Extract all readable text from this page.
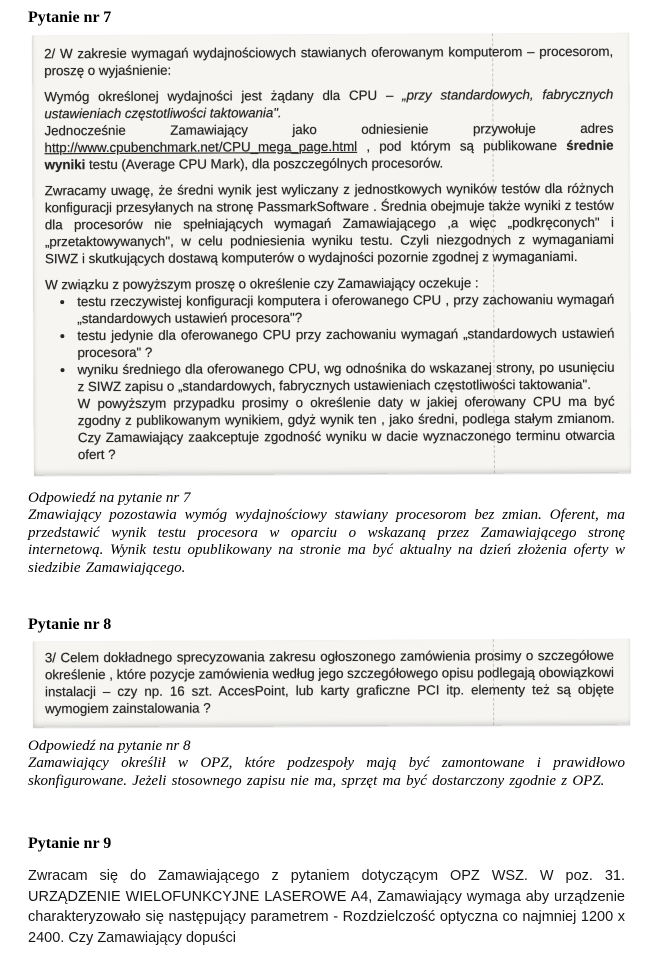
Pytanie nr 7

2/ W zakresie wymagań wydajnościowych stawianych oferowanym komputerom – procesorom, proszę o wyjaśnienie:

Wymóg określonej wydajności jest żądany dla CPU – „przy standardowych, fabrycznych ustawieniach częstotliwości taktowania".

Jednocześnie Zamawiający jako odniesienie przywołuje adres http://www.cpubenchmark.net/CPU_mega_page.html , pod którym są publikowane średnie wyniki testu (Average CPU Mark), dla poszczególnych procesorów.

Zwracamy uwagę, że średni wynik jest wyliczany z jednostkowych wyników testów dla różnych konfiguracji przesyłanych na stronę PassmarkSoftware . Średnia obejmuje także wyniki z testów dla procesorów nie spełniających wymagań Zamawiającego ,a więc „podkręconych" i „przetaktowywanych", w celu podniesienia wyniku testu. Czyli niezgodnych z wymaganiami SIWZ i skutkujących dostawą komputerów o wydajności pozornie zgodnej z wymaganiami.

W związku z powyższym proszę o określenie czy Zamawiający oczekuje :

• testu rzeczywistej konfiguracji komputera i oferowanego CPU , przy zachowaniu wymagań „standardowych ustawień procesora"?
• testu jedynie dla oferowanego CPU przy zachowaniu wymagań „standardowych ustawień procesora" ?
• wyniku średniego dla oferowanego CPU, wg odnośnika do wskazanej strony, po usunięciu z SIWZ zapisu o „standardowych, fabrycznych ustawieniach częstotliwości taktowania".
W powyższym przypadku prosimy o określenie daty w jakiej oferowany CPU ma być zgodny z publikowanym wynikiem, gdyż wynik ten , jako średni, podlega stałym zmianom. Czy Zamawiający zaakceptuje zgodność wyniku w dacie wyznaczonego terminu otwarcia ofert ?
Odpowiedź na pytanie nr 7

Zmawiający pozostawia wymóg wydajnościowy stawiany procesorom bez zmian. Oferent, ma przedstawić wynik testu procesora w oparciu o wskazaną przez Zamawiającego stronę internetową. Wynik testu opublikowany na stronie ma być aktualny na dzień złożenia oferty w siedzibie Zamawiającego.

Pytanie nr 8

3/ Celem dokładnego sprecyzowania zakresu ogłoszonego zamówienia prosimy o szczegółowe określenie , które pozycje zamówienia według jego szczegółowego opisu podlegają obowiązkowi instalacji – czy np. 16 szt. AccesPoint, lub karty graficzne PCI itp. elementy też są objęte wymogiem zainstalowania ?

Odpowiedź na pytanie nr 8

Zamawiający określił w OPZ, które podzespoły mają być zamontowane i prawidłowo skonfigurowane. Jeżeli stosownego zapisu nie ma, sprzęt ma być dostarczony zgodnie z OPZ.

Pytanie nr 9

Zwracam się do Zamawiającego z pytaniem dotyczącym OPZ WSZ. W poz. 31. URZĄDZENIE WIELOFUNKCYJNE LASEROWE A4, Zamawiający wymaga aby urządzenie charakteryzowało się następujący parametrem - Rozdzielczość optyczna co najmniej 1200 x 2400. Czy Zamawiający dopuści
